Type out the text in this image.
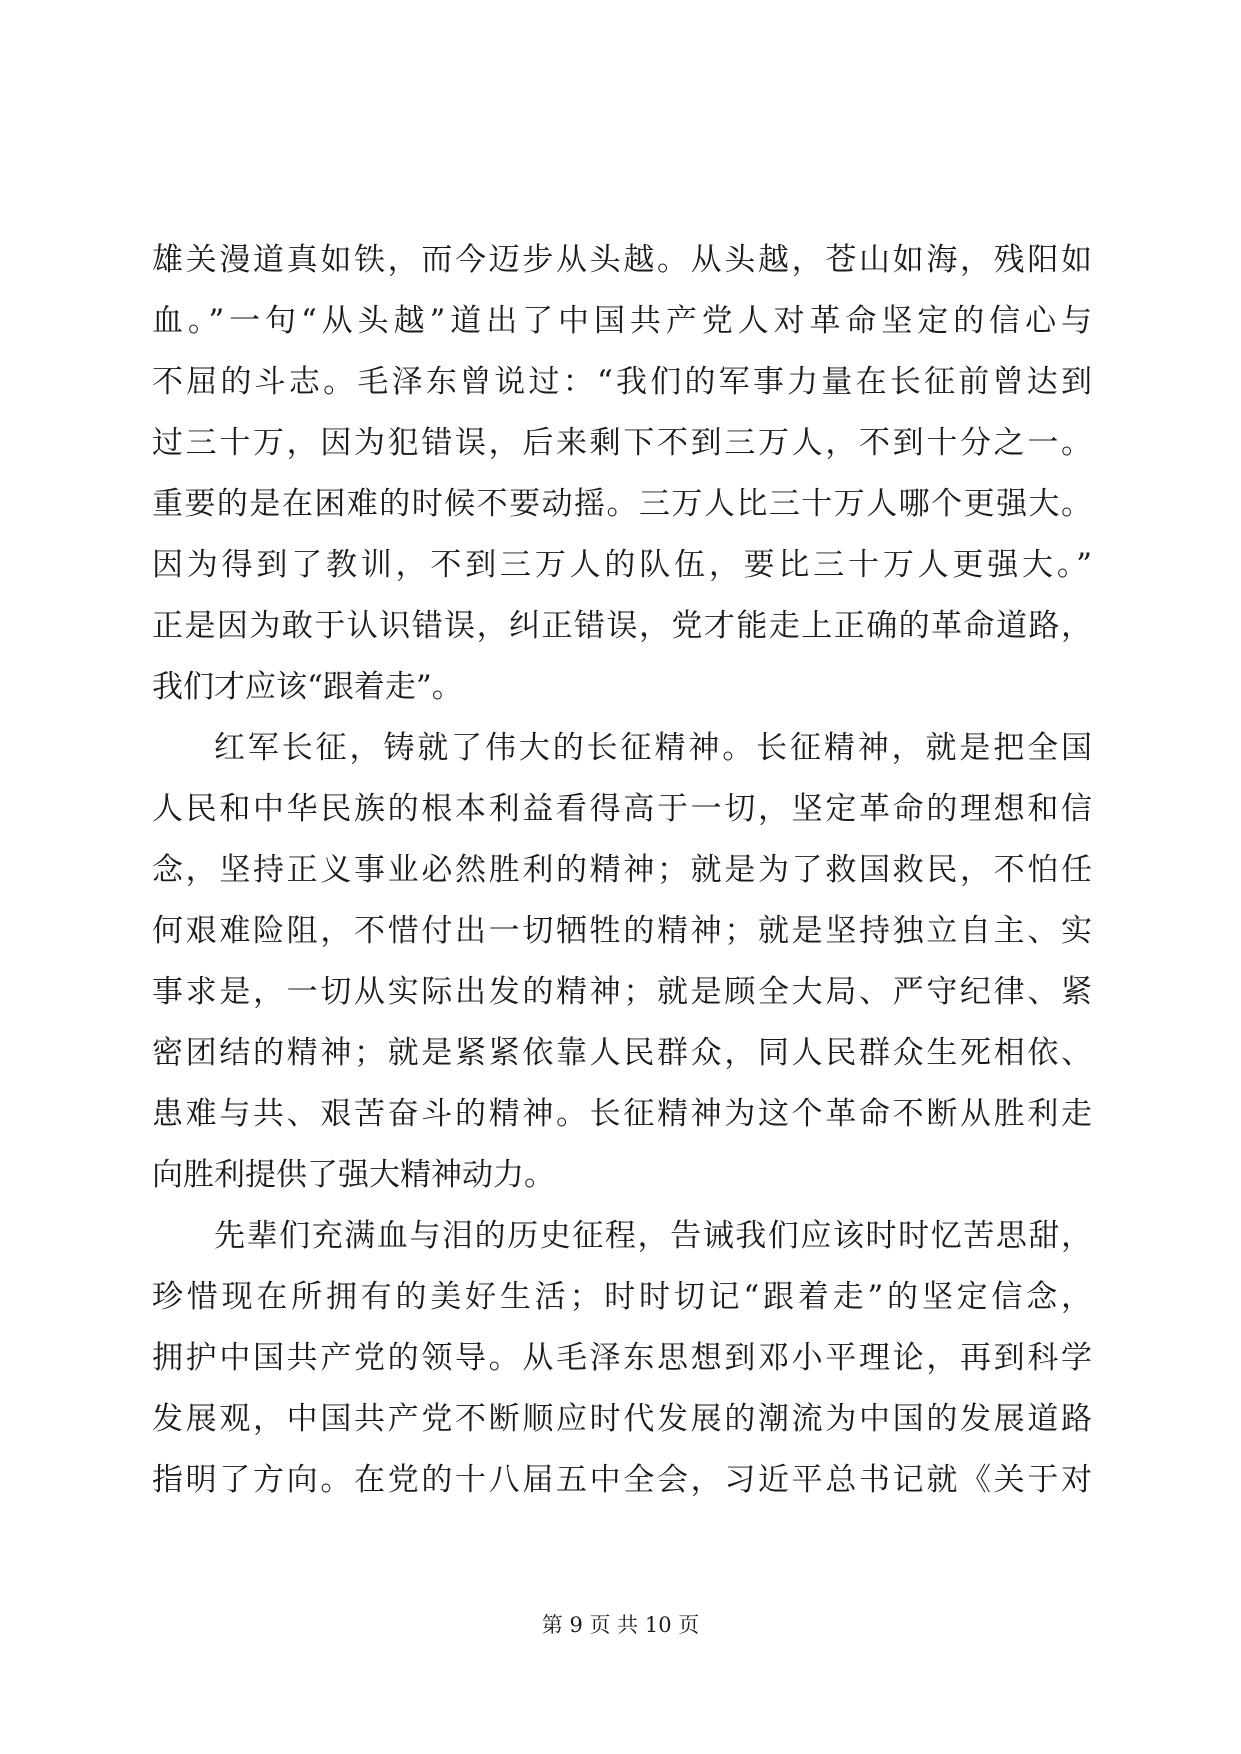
雄关漫道真如铁，而今迈步从头越。从头越，苍山如海，残阳如
血。”一句“从头越”道出了中国共产党人对革命坚定的信心与
不屈的斗志。毛泽东曾说过：“我们的军事力量在长征前曾达到
过三十万，因为犯错误，后来剩下不到三万人，不到十分之一。
重要的是在困难的时候不要动摇。三万人比三十万人哪个更强大。
因为得到了教训，不到三万人的队伍，要比三十万人更强大。”
正是因为敢于认识错误，纠正错误，党才能走上正确的革命道路，
我们才应该“跟着走”。
红军长征，铸就了伟大的长征精神。长征精神，就是把全国
人民和中华民族的根本利益看得高于一切，坚定革命的理想和信
念，坚持正义事业必然胜利的精神；就是为了救国救民，不怕任
何艰难险阻，不惜付出一切牺牲的精神；就是坚持独立自主、实
事求是，一切从实际出发的精神；就是顾全大局、严守纪律、紧
密团结的精神；就是紧紧依靠人民群众，同人民群众生死相依、
患难与共、艰苦奋斗的精神。长征精神为这个革命不断从胜利走
向胜利提供了强大精神动力。
先辈们充满血与泪的历史征程，告诫我们应该时时忆苦思甜，
珍惜现在所拥有的美好生活；时时切记“跟着走”的坚定信念，
拥护中国共产党的领导。从毛泽东思想到邓小平理论，再到科学
发展观，中国共产党不断顺应时代发展的潮流为中国的发展道路
指明了方向。在党的十八届五中全会，习近平总书记就《关于对
第 9 页 共 10 页
